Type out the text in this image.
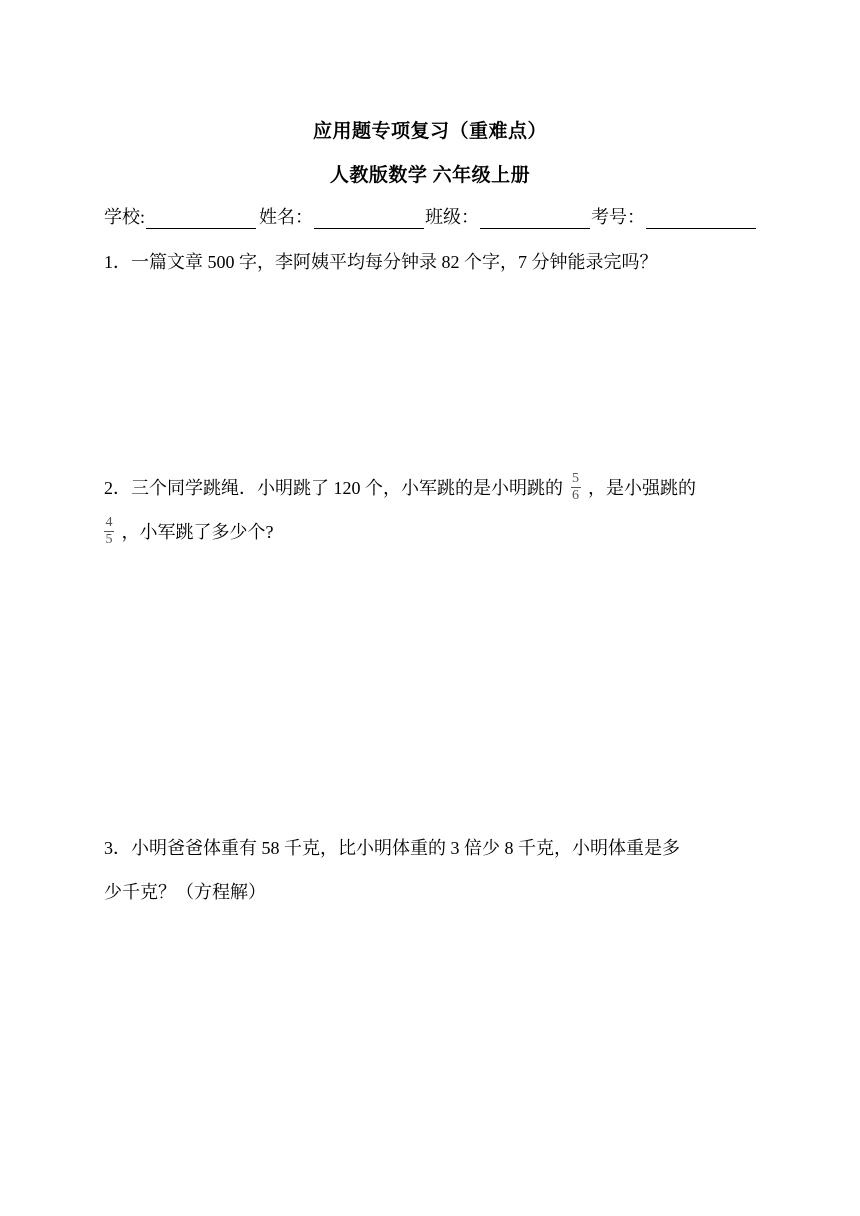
应用题专项复习（重难点）
人教版数学 六年级上册
学校:	姓名：	班级：	考号：
1．一篇文章 500 字，李阿姨平均每分钟录 82 个字，7 分钟能录完吗？
2．三个同学跳绳．小明跳了 120 个，小军跳的是小明跳的 $\frac{5}{6}$ ，是小强跳的
$\frac{4}{5}$ ，小军跳了多少个?
3．小明爸爸体重有 58 千克，比小明体重的 3 倍少 8 千克，小明体重是多
少千克？（方程解）
